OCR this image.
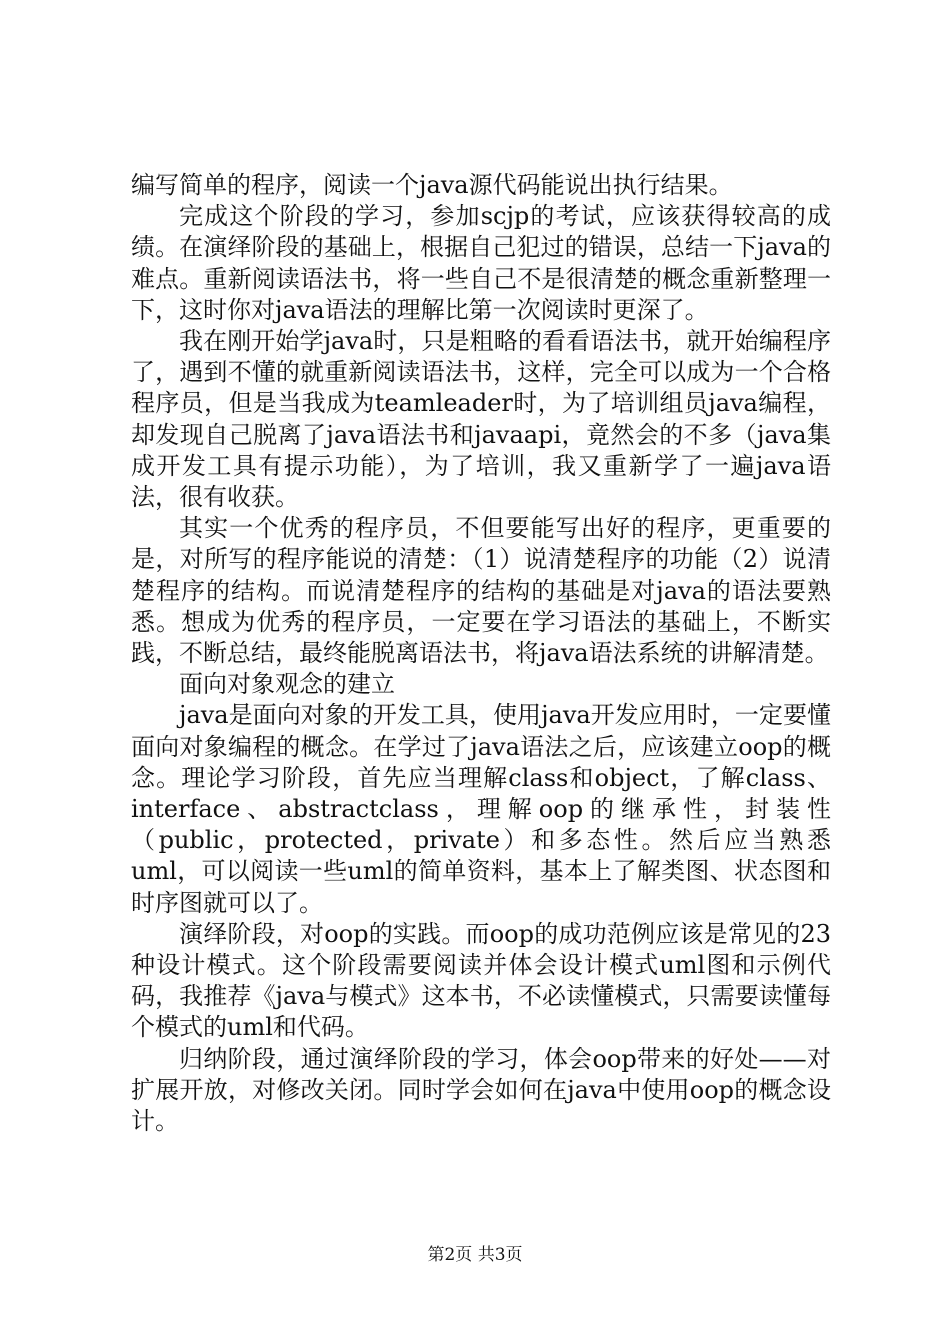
编写简单的程序，阅读一个java源代码能说出执行结果。

完成这个阶段的学习，参加scjp的考试，应该获得较高的成绩。在演绎阶段的基础上，根据自己犯过的错误，总结一下java的难点。重新阅读语法书，将一些自己不是很清楚的概念重新整理一下，这时你对java语法的理解比第一次阅读时更深了。

我在刚开始学java时，只是粗略的看看语法书，就开始编程序了，遇到不懂的就重新阅读语法书，这样，完全可以成为一个合格程序员，但是当我成为teamleader时，为了培训组员java编程，却发现自己脱离了java语法书和javaapi，竟然会的不多（java集成开发工具有提示功能），为了培训，我又重新学了一遍java语法，很有收获。

其实一个优秀的程序员，不但要能写出好的程序，更重要的是，对所写的程序能说的清楚：（1）说清楚程序的功能（2）说清楚程序的结构。而说清楚程序的结构的基础是对java的语法要熟悉。想成为优秀的程序员，一定要在学习语法的基础上，不断实践，不断总结，最终能脱离语法书，将java语法系统的讲解清楚。

面向对象观念的建立

java是面向对象的开发工具，使用java开发应用时，一定要懂面向对象编程的概念。在学过了java语法之后，应该建立oop的概念。理论学习阶段，首先应当理解class和object，了解class、interface、abstractclass，理解oop的继承性，封装性（public，protected，private）和多态性。然后应当熟悉uml，可以阅读一些uml的简单资料，基本上了解类图、状态图和时序图就可以了。

演绎阶段，对oop的实践。而oop的成功范例应该是常见的23种设计模式。这个阶段需要阅读并体会设计模式uml图和示例代码，我推荐《java与模式》这本书，不必读懂模式，只需要读懂每个模式的uml和代码。

归纳阶段，通过演绎阶段的学习，体会oop带来的好处——对扩展开放，对修改关闭。同时学会如何在java中使用oop的概念设计。

第2页 共3页
